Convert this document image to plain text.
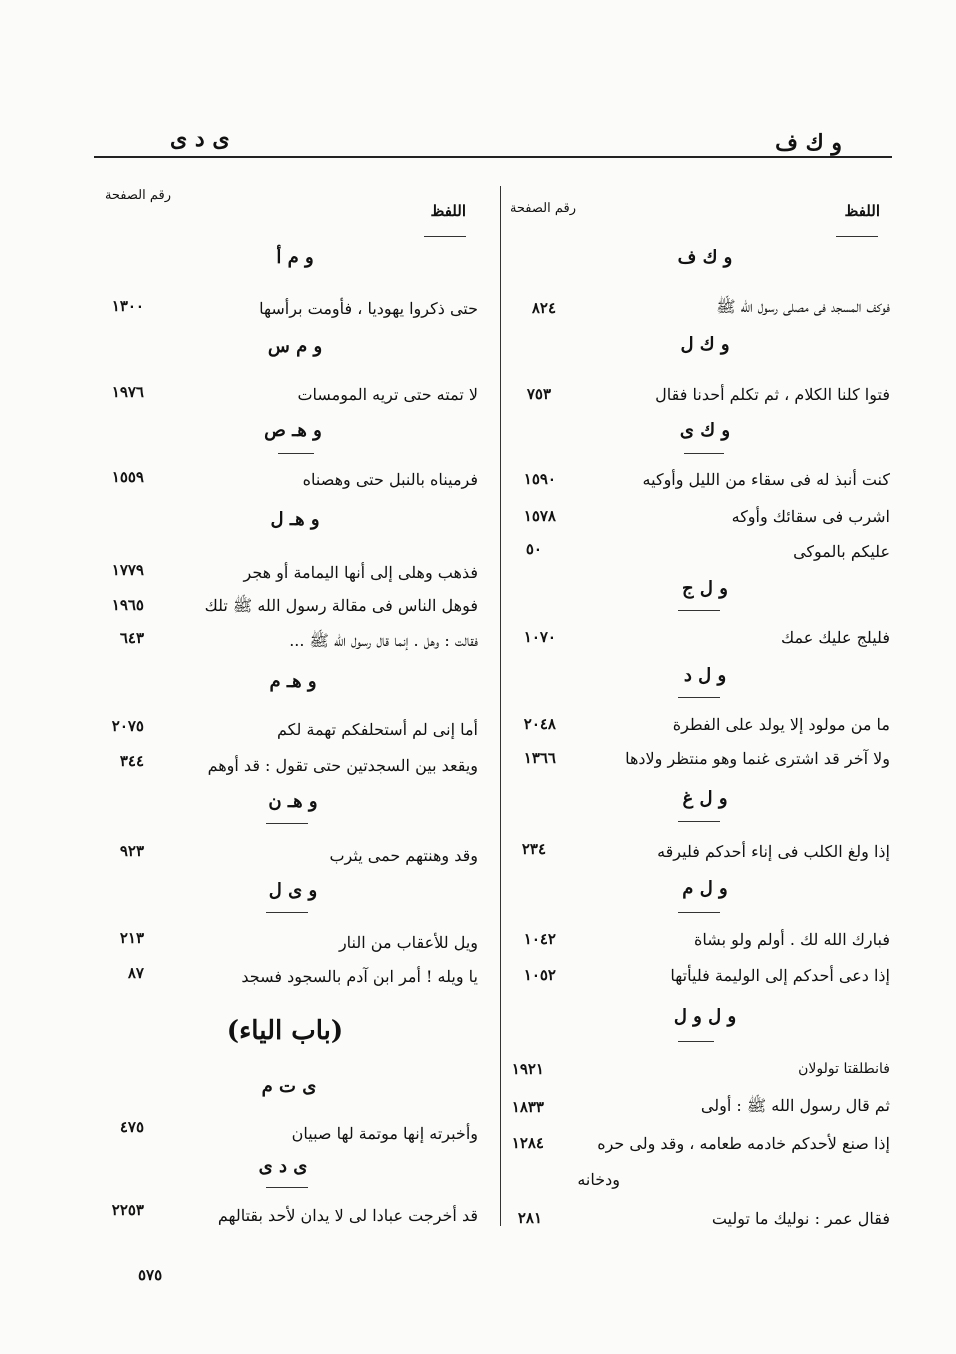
و ك ف
ى د ى
اللفظ
رقم الصفحة
اللفظ
رقم الصفحة
و ك ف
فوكف المسجد فى مصلى رسول الله ﷺ
٨٢٤
و ك ل
فتوا كلنا الكلام ، ثم تكلم أحدنا فقال
٧٥٣
و ك ى
كنت أنبذ له فى سقاء من الليل وأوكيه
١٥٩٠
اشرب فى سقائك وأوكه
١٥٧٨
عليكم بالموكى
٥٠
و ل ج
فليلج عليك عمك
١٠٧٠
و ل د
ما من مولود إلا يولد على الفطرة
٢٠٤٨
ولا آخر قد اشترى غنما وهو منتظر ولادها
١٣٦٦
و ل غ
إذا ولغ الكلب فى إناء أحدكم فليرقه
٢٣٤
و ل م
فبارك الله لك . أولم ولو بشاة
١٠٤٢
إذا دعى أحدكم إلى الوليمة فليأتها
١٠٥٢
و ل و ل
فانطلقتا تولولان
١٩٢١
ثم قال رسول الله ﷺ : أولى
١٨٣٣
إذا صنع لأحدكم خادمه طعامه ، وقد ولى حره
١٢٨٤
ودخانه
فقال عمر : نوليك ما توليت
٢٨١
و م أ
حتى ذكروا يهوديا ، فأومت برأسها
١٣٠٠
و م س
لا تمته حتى تريه المومسات
١٩٧٦
و هـ ص
فرميناه بالنبل حتى وهصناه
١٥٥٩
و هـ ل
فذهب وهلى إلى أنها اليمامة أو هجر
١٧٧٩
فوهل الناس فى مقالة رسول الله ﷺ تلك
١٩٦٥
فقالت : وهل . إنما قال رسول الله ﷺ ...
٦٤٣
و هـ م
أما إنى لم أستحلفكم تهمة لكم
٢٠٧٥
ويقعد بين السجدتين حتى تقول : قد أوهم
٣٤٤
و هـ ن
وقد وهنتهم حمى يثرب
٩٢٣
و ى ل
ويل للأعقاب من النار
٢١٣
يا ويله ! أمر ابن آدم بالسجود فسجد
٨٧
(باب الياء)
ى ت م
وأخبرته إنها موتمة لها صبيان
٤٧٥
ى د ى
قد أخرجت عبادا لى لا يدان لأحد بقتالهم
٢٢٥٣
٥٧٥
